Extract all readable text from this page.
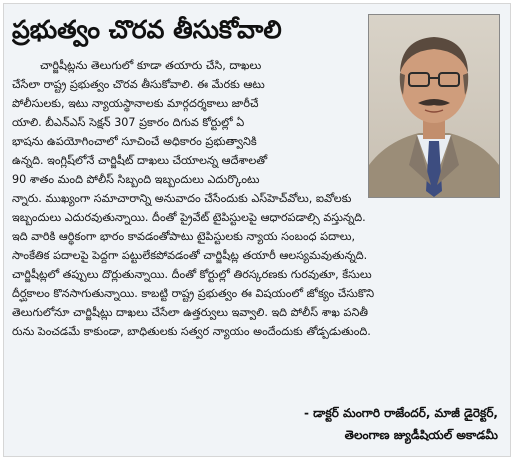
ప్రభుత్వం చొరవ తీసుకోవాలి
చార్జిషీట్లను తెలుగులో కూడా తయారు చేసి, దాఖలు
చేసేలా రాష్ట్ర ప్రభుత్వం చొరవ తీసుకోవాలి. ఈ మేరకు ఆటు
పోలీసులకు, ఇటు న్యాయస్థానాలకు మార్గదర్శకాలు జారీచే
యాలి. బీఎన్‌ఎస్ సెక్షన్ 307 ప్రకారం దిగువ కోర్టుల్లో ఏ
భాషను ఉపయోగించాలో సూచించే అధికారం ప్రభుత్వానికి
ఉన్నది. ఇంగ్లిష్‌లోనే చార్జిషీట్ దాఖలు చేయాలన్న ఆదేశాలతో
90 శాతం మంది పోలీస్ సిబ్బంది ఇబ్బందులు ఎదుర్కొంటు
న్నారు. ముఖ్యంగా సమాచారాన్ని అనువాదం చేసేందుకు ఎస్‌హెచ్‌వోలు, ఐవోలకు
ఇబ్బందులు ఎదురవుతున్నాయి. దీంతో ప్రైవేట్ టైపిస్టులపై ఆధారపడాల్సి వస్తున్నది.
ఇది వారికి ఆర్థికంగా భారం కావడంతోపాటు టైపిస్టులకు న్యాయ సంబంధ పదాలు,
సాంకేతిక పదాలపై పెద్దగా పట్టులేకపోవడంతో చార్జిషీట్ల తయారీ ఆలస్యమవుతున్నది.
చార్జిషీట్లలో తప్పులు దొర్లుతున్నాయి. దీంతో కోర్టుల్లో తిరస్కరణకు గురవుతూ, కేసులు
దీర్ఘకాలం కొనసాగుతున్నాయి. కాబట్టి రాష్ట్ర ప్రభుత్వం ఈ విషయంలో జోక్యం చేసుకొని
తెలుగులోనూ చార్జిషీట్లు దాఖలు చేసేలా ఉత్తర్వులు ఇవ్వాలి. ఇది పోలీస్ శాఖ పనితీ
రును పెంచడమే కాకుండా, బాధితులకు సత్వర న్యాయం అందేందుకు తోడ్పడుతుంది.
- డాక్టర్ మంగారి రాజేందర్, మాజీ డైరెక్టర్,
తెలంగాణ జ్యుడీషియల్ అకాడమీ
